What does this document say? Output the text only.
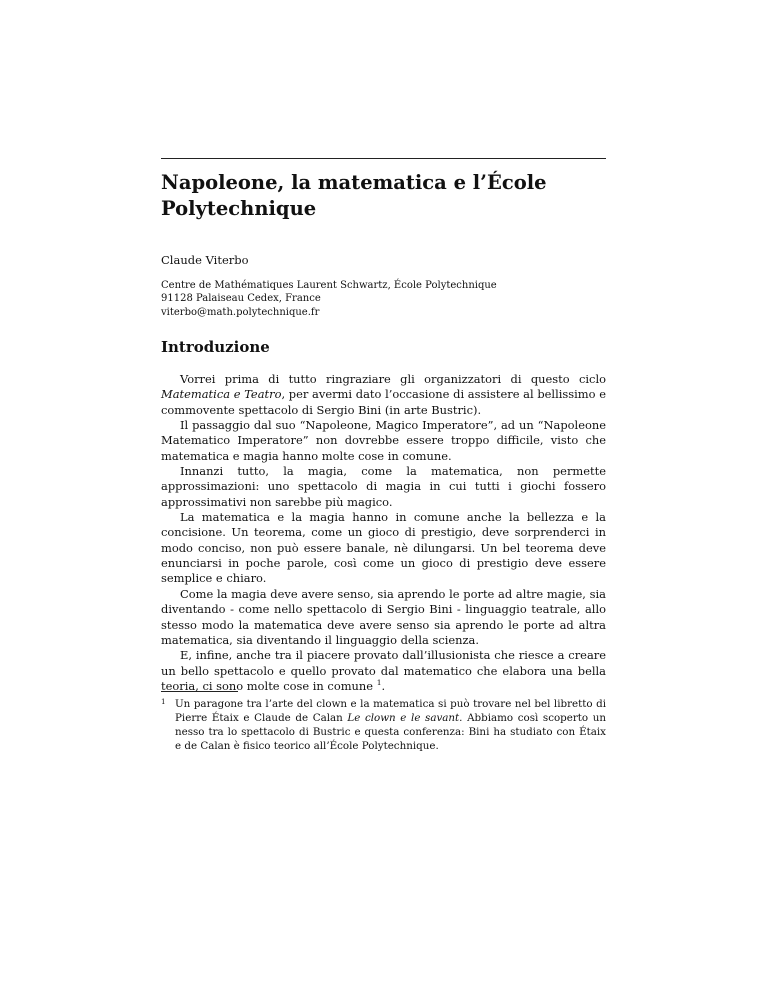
Napoleone, la matematica e l’École Polytechnique

Claude Viterbo

Centre de Mathématiques Laurent Schwartz, École Polytechnique
91128 Palaiseau Cedex, France
viterbo@math.polytechnique.fr
Introduzione

Vorrei prima di tutto ringraziare gli organizzatori di questo ciclo Matematica e Teatro, per avermi dato l’occasione di assistere al bellissimo e commovente spettacolo di Sergio Bini (in arte Bustric).

Il passaggio dal suo “Napoleone, Magico Imperatore”, ad un “Napoleone Matematico Imperatore” non dovrebbe essere troppo difficile, visto che matematica e magia hanno molte cose in comune.

Innanzi tutto, la magia, come la matematica, non permette approssimazioni: uno spettacolo di magia in cui tutti i giochi fossero approssimativi non sarebbe più magico.

La matematica e la magia hanno in comune anche la bellezza e la concisione. Un teorema, come un gioco di prestigio, deve sorprenderci in modo conciso, non può essere banale, nè dilungarsi. Un bel teorema deve enunciarsi in poche parole, così come un gioco di prestigio deve essere semplice e chiaro.

Come la magia deve avere senso, sia aprendo le porte ad altre magie, sia diventando - come nello spettacolo di Sergio Bini - linguaggio teatrale, allo stesso modo la matematica deve avere senso sia aprendo le porte ad altra matematica, sia diventando il linguaggio della scienza.

E, infine, anche tra il piacere provato dall’illusionista che riesce a creare un bello spettacolo e quello provato dal matematico che elabora una bella teoria, ci sono molte cose in comune $^1$.

1 Un paragone tra l’arte del clown e la matematica si può trovare nel bel libretto di Pierre Étaix e Claude de Calan Le clown e le savant. Abbiamo così scoperto un nesso tra lo spettacolo di Bustric e questa conferenza: Bini ha studiato con Étaix e de Calan è fisico teorico all’École Polytechnique.
